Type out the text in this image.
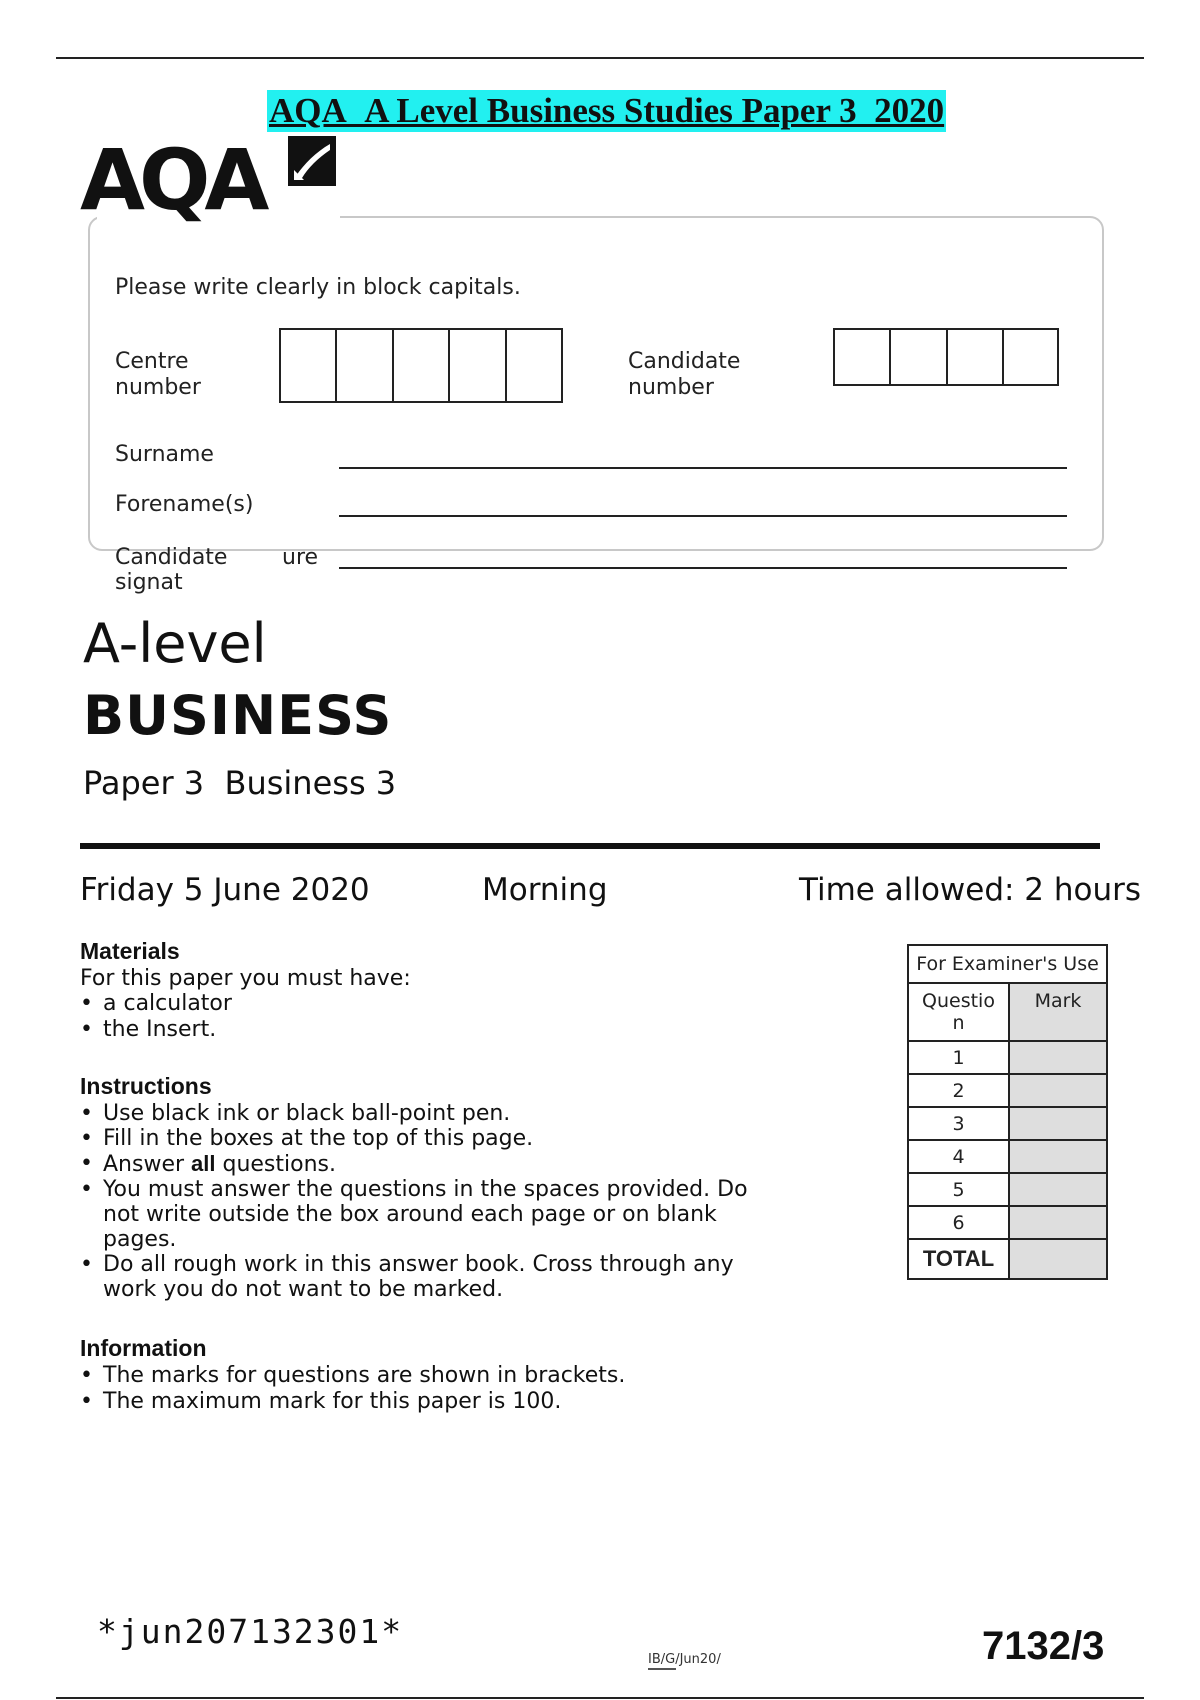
AQA_A Level Business Studies Paper 3_2020
AQA
Please write clearly in block capitals.
Centre
number
Candidate
number
Surname
Forename(s)
Candidate
signat
ure
A-level
BUSINESS
Paper 3  Business 3
Friday 5 June 2020	Morning	Time allowed: 2 hours
Materials
For this paper you must have:
• a calculator
• the Insert.
Instructions
• Use black ink or black ball-point pen.
• Fill in the boxes at the top of this page.
• Answer all questions.
• You must answer the questions in the spaces provided. Do not write outside the box around each page or on blank pages.
• Do all rough work in this answer book. Cross through any work you do not want to be marked.
Information
• The marks for questions are shown in brackets.
• The maximum mark for this paper is 100.
For Examiner's Use	
Questio
n	Mark
1	
2	
3	
4	
5	
6	
TOTAL	
*jun207132301*
IB/G/Jun20/	7132/3
